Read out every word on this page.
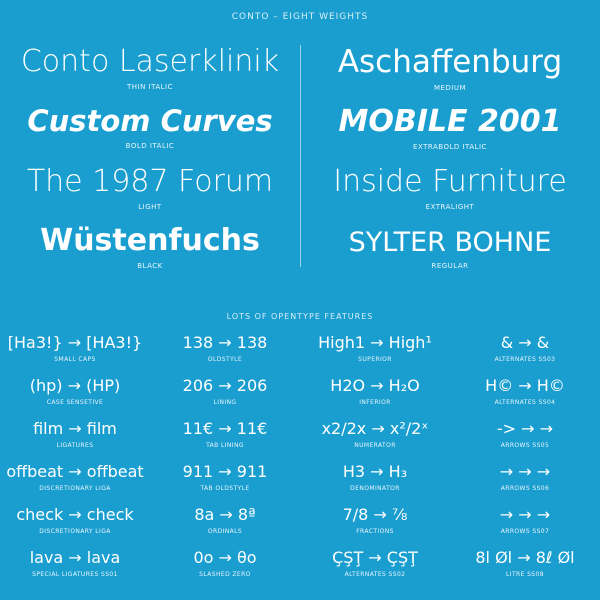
CONTO – EIGHT WEIGHTS
Conto Laserklinik
THIN ITALIC
Custom Curves
BOLD ITALIC
The 1987 Forum
LIGHT
Wüstenfuchs
BLACK
Aschaffenburg
MEDIUM
MOBILE 2001
EXTRABOLD ITALIC
Inside Furniture
EXTRALIGHT
SYLTER BOHNE
REGULAR
LOTS OF OPENTYPE FEATURES
[Ha3!} → [HA3!}
SMALL CAPS
138 → 138
OLDSTYLE
High1 → High¹
SUPERIOR
& → &
ALTERNATES SS03
(hp) → (HP)
CASE SENSETIVE
206 → 206
LINING
H2O → H₂O
INFERIOR
H© → H©
ALTERNATES SS04
film → film
LIGATURES
11€ → 11€
TAB LINING
x2/2x → x²/2ˣ
NUMERATOR
-> → →
ARROWS SS05
offbeat → offbeat
DISCRETIONARY LIGA
911 → 911
TAB OLDSTYLE
H3 → H₃
DENOMINATOR
→ → →
ARROWS SS06
check → check
DISCRETIONARY LIGA
8a → 8ª
ORDINALS
7/8 → ⅞
FRACTIONS
→ → →
ARROWS SS07
lava → lava
SPECIAL LIGATURES SS01
0o → θo
SLASHED ZERO
ÇŞŢ → ÇŞŢ
ALTERNATES SS02
8l Øl → 8ℓ Øl
LITRE SS08
